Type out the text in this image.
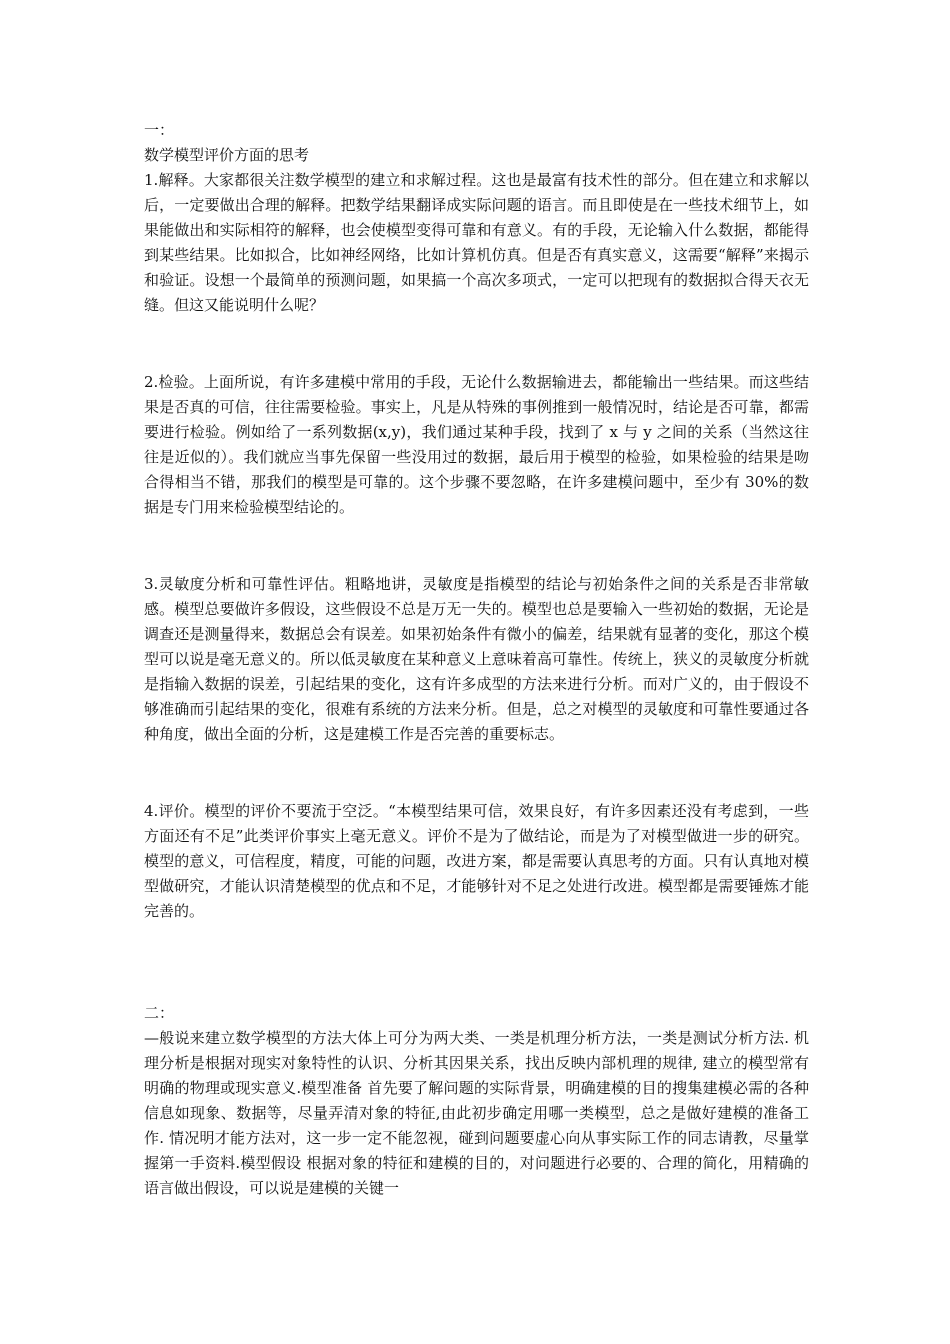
一：
数学模型评价方面的思考
1.解释。大家都很关注数学模型的建立和求解过程。这也是最富有技术性的部分。但在建立和求解以后，一定要做出合理的解释。把数学结果翻译成实际问题的语言。而且即使是在一些技术细节上，如果能做出和实际相符的解释，也会使模型变得可靠和有意义。有的手段，无论输入什么数据，都能得到某些结果。比如拟合，比如神经网络，比如计算机仿真。但是否有真实意义，这需要“解释”来揭示和验证。设想一个最简单的预测问题，如果搞一个高次多项式，一定可以把现有的数据拟合得天衣无缝。但这又能说明什么呢？
2.检验。上面所说，有许多建模中常用的手段，无论什么数据输进去，都能输出一些结果。而这些结果是否真的可信，往往需要检验。事实上，凡是从特殊的事例推到一般情况时，结论是否可靠，都需要进行检验。例如给了一系列数据(x,y)，我们通过某种手段，找到了 x 与 y 之间的关系（当然这往往是近似的）。我们就应当事先保留一些没用过的数据，最后用于模型的检验，如果检验的结果是吻合得相当不错，那我们的模型是可靠的。这个步骤不要忽略，在许多建模问题中，至少有 30%的数据是专门用来检验模型结论的。
3.灵敏度分析和可靠性评估。粗略地讲，灵敏度是指模型的结论与初始条件之间的关系是否非常敏感。模型总要做许多假设，这些假设不总是万无一失的。模型也总是要输入一些初始的数据，无论是调查还是测量得来，数据总会有误差。如果初始条件有微小的偏差，结果就有显著的变化，那这个模型可以说是毫无意义的。所以低灵敏度在某种意义上意味着高可靠性。传统上，狭义的灵敏度分析就是指输入数据的误差，引起结果的变化，这有许多成型的方法来进行分析。而对广义的，由于假设不够准确而引起结果的变化，很难有系统的方法来分析。但是，总之对模型的灵敏度和可靠性要通过各种角度，做出全面的分析，这是建模工作是否完善的重要标志。
4.评价。模型的评价不要流于空泛。“本模型结果可信，效果良好，有许多因素还没有考虑到，一些方面还有不足”此类评价事实上毫无意义。评价不是为了做结论，而是为了对模型做进一步的研究。模型的意义，可信程度，精度，可能的问题，改进方案，都是需要认真思考的方面。只有认真地对模型做研究，才能认识清楚模型的优点和不足，才能够针对不足之处进行改进。模型都是需要锤炼才能完善的。
二：
—般说来建立数学模型的方法大体上可分为两大类、一类是机理分析方法，一类是测试分析方法. 机理分析是根据对现实对象特性的认识、分析其因果关系，找出反映内部机理的规律, 建立的模型常有明确的物理或现实意义.模型准备 首先要了解问题的实际背景，明确建模的目的搜集建模必需的各种信息如现象、数据等，尽量弄清对象的特征,由此初步确定用哪一类模型，总之是做好建模的准备工作. 情况明才能方法对，这一步一定不能忽视，碰到问题要虚心向从事实际工作的同志请教，尽量掌握第一手资料.模型假设 根据对象的特征和建模的目的，对问题进行必要的、合理的简化，用精确的语言做出假设，可以说是建模的关键一
